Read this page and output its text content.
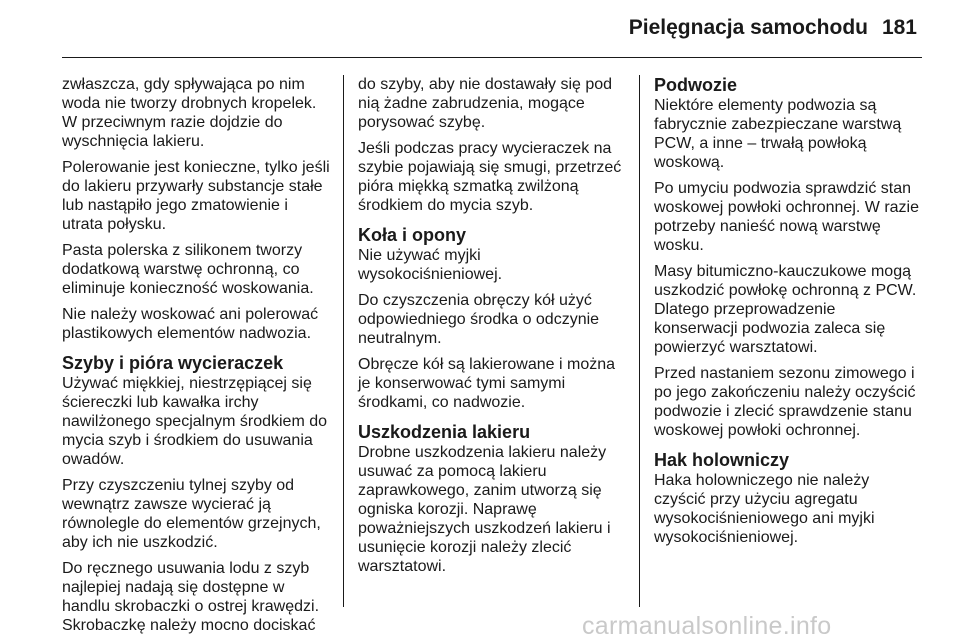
Pielęgnacja samochodu 181

zwłaszcza, gdy spływająca po nim
woda nie tworzy drobnych kropelek.
W przeciwnym razie dojdzie do
wyschnięcia lakieru.

Polerowanie jest konieczne, tylko jeśli
do lakieru przywarły substancje stałe
lub nastąpiło jego zmatowienie i
utrata połysku.

Pasta polerska z silikonem tworzy
dodatkową warstwę ochronną, co
eliminuje konieczność woskowania.

Nie należy woskować ani polerować
plastikowych elementów nadwozia.

Szyby i pióra wycieraczek

Używać miękkiej, niestrzępiącej się
ściereczki lub kawałka irchy
nawilżonego specjalnym środkiem do
mycia szyb i środkiem do usuwania
owadów.

Przy czyszczeniu tylnej szyby od
wewnątrz zawsze wycierać ją
równolegle do elementów grzejnych,
aby ich nie uszkodzić.

Do ręcznego usuwania lodu z szyb
najlepiej nadają się dostępne w
handlu skrobaczki o ostrej krawędzi.
Skrobaczkę należy mocno dociskać

do szyby, aby nie dostawały się pod
nią żadne zabrudzenia, mogące
porysować szybę.

Jeśli podczas pracy wycieraczek na
szybie pojawiają się smugi, przetrzeć
pióra miękką szmatką zwilżoną
środkiem do mycia szyb.

Koła i opony

Nie używać myjki
wysokociśnieniowej.

Do czyszczenia obręczy kół użyć
odpowiedniego środka o odczynie
neutralnym.

Obręcze kół są lakierowane i można
je konserwować tymi samymi
środkami, co nadwozie.

Uszkodzenia lakieru

Drobne uszkodzenia lakieru należy
usuwać za pomocą lakieru
zaprawkowego, zanim utworzą się
ogniska korozji. Naprawę
poważniejszych uszkodzeń lakieru i
usunięcie korozji należy zlecić
warsztatowi.

Podwozie

Niektóre elementy podwozia są
fabrycznie zabezpieczane warstwą
PCW, a inne – trwałą powłoką
woskową.

Po umyciu podwozia sprawdzić stan
woskowej powłoki ochronnej. W razie
potrzeby nanieść nową warstwę
wosku.

Masy bitumiczno-kauczukowe mogą
uszkodzić powłokę ochronną z PCW.
Dlatego przeprowadzenie
konserwacji podwozia zaleca się
powierzyć warsztatowi.

Przed nastaniem sezonu zimowego i
po jego zakończeniu należy oczyścić
podwozie i zlecić sprawdzenie stanu
woskowej powłoki ochronnej.

Hak holowniczy

Haka holowniczego nie należy
czyścić przy użyciu agregatu
wysokociśnieniowego ani myjki
wysokociśnieniowej.

carmanualsonline.info
